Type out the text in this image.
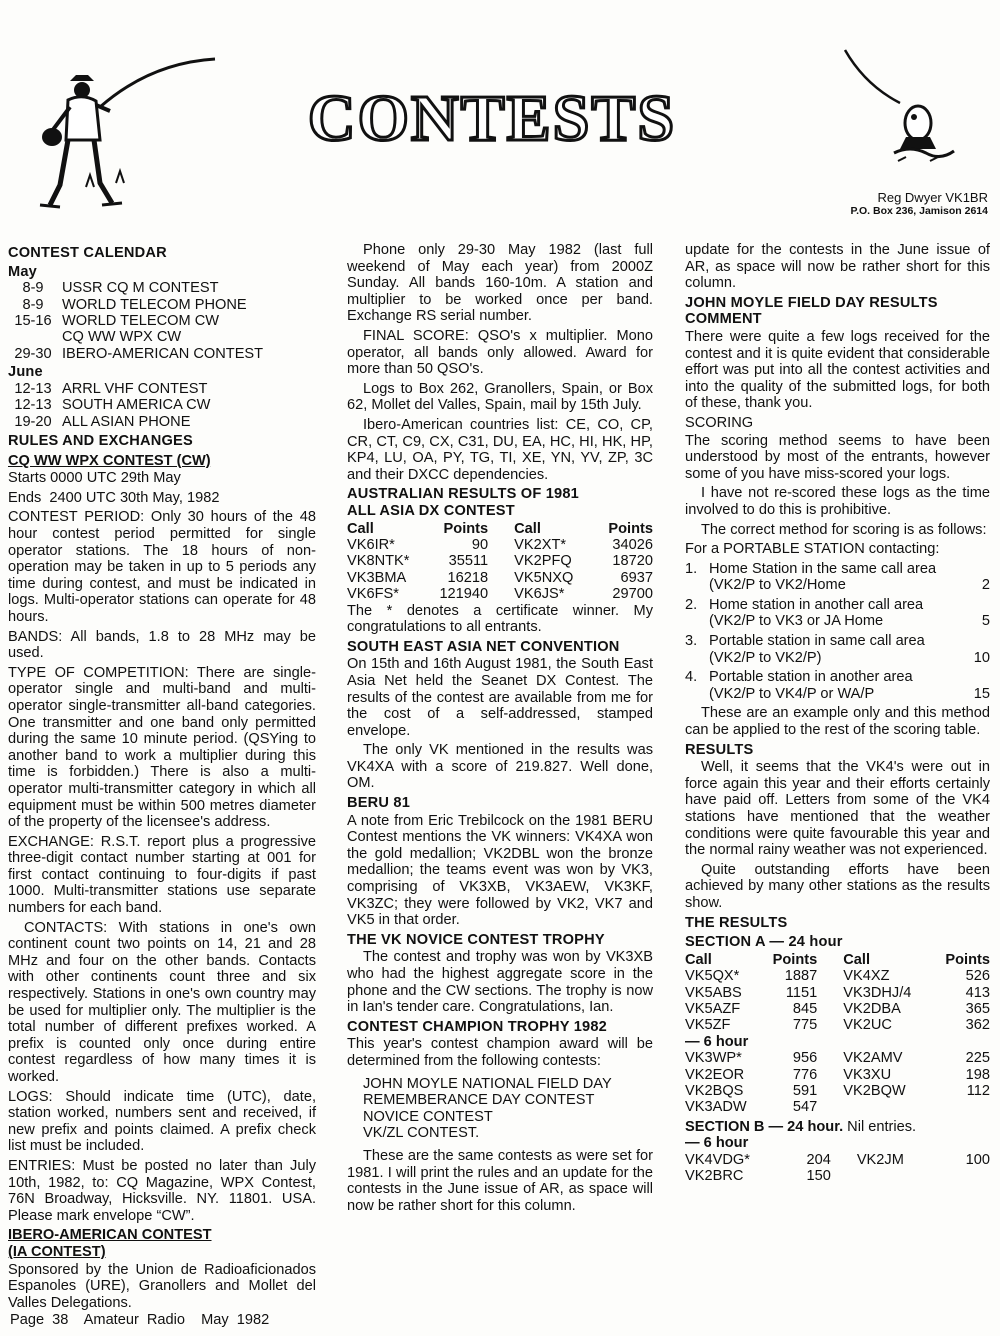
CONTESTS
Reg Dwyer VK1BR
P.O. Box 236, Jamison 2614
CONTEST CALENDAR
May
8-9	USSR CQ M CONTEST
8-9	WORLD TELECOM PHONE
15-16	WORLD TELECOM CW
	CQ WW WPX CW
29-30	IBERO-AMERICAN CONTEST
June
12-13	ARRL VHF CONTEST
12-13	SOUTH AMERICA CW
19-20	ALL ASIAN PHONE
RULES AND EXCHANGES
CQ WW WPX CONTEST (CW)

Starts 0000 UTC 29th May

Ends  2400 UTC 30th May, 1982

CONTEST PERIOD: Only 30 hours of the 48 hour contest period permitted for single operator stations. The 18 hours of non-operation may be taken in up to 5 periods any time during contest, and must be indicated in logs. Multi-operator stations can operate for 48 hours.

BANDS: All bands, 1.8 to 28 MHz may be used.

TYPE OF COMPETITION: There are single-operator single and multi-band and multi-operator single-transmitter all-band categories. One transmitter and one band only permitted during the same 10 minute period. (QSYing to another band to work a multiplier during this time is forbidden.) There is also a multi-operator multi-transmitter category in which all equipment must be within 500 metres diameter of the property of the licensee's address.

EXCHANGE: R.S.T. report plus a progressive three-digit contact number starting at 001 for first contact continuing to four-digits if past 1000. Multi-transmitter stations use separate numbers for each band.

CONTACTS: With stations in one's own continent count two points on 14, 21 and 28 MHz and four on the other bands. Contacts with other continents count three and six respectively. Stations in one's own country may be used for multiplier only. The multiplier is the total number of different prefixes worked. A prefix is counted only once during entire contest regardless of how many times it is worked.

LOGS: Should indicate time (UTC), date, station worked, numbers sent and received, if new prefix and points claimed. A prefix check list must be included.

ENTRIES: Must be posted no later than July 10th, 1982, to: CQ Magazine, WPX Contest, 76N Broadway, Hicksville. NY. 11801. USA. Please mark envelope “CW”.

IBERO-AMERICAN CONTEST
(IA CONTEST)

Sponsored by the Union de Radioaficionados Espanoles (URE), Granollers and Mollet del Valles Delegations.

Phone only 29-30 May 1982 (last full weekend of May each year) from 2000Z Sunday. All bands 160-10m. A station and multiplier to be worked once per band. Exchange RS serial number.

FINAL SCORE: QSO's x multiplier. Mono operator, all bands only allowed. Award for more than 50 QSO's.

Logs to Box 262, Granollers, Spain, or Box 62, Mollet del Valles, Spain, mail by 15th July.

Ibero-American countries list: CE, CO, CP, CR, CT, C9, CX, C31, DU, EA, HC, HI, HK, HP, KP4, LU, OA, PY, TG, TI, XE, YN, YV, ZP, 3C and their DXCC dependencies.

AUSTRALIAN RESULTS OF 1981
ALL ASIA DX CONTEST
Call	Points	Call	Points
VK6IR*	90	VK2XT*	34026
VK8NTK*	35511	VK2PFQ	18720
VK3BMA	16218	VK5NXQ	6937
VK6FS*	121940	VK6JS*	29700

The * denotes a certificate winner. My congratulations to all entrants.

SOUTH EAST ASIA NET CONVENTION

On 15th and 16th August 1981, the South East Asia Net held the Seanet DX Contest. The results of the contest are available from me for the cost of a self-addressed, stamped envelope.

The only VK mentioned in the results was VK4XA with a score of 219.827. Well done, OM.

BERU 81

A note from Eric Trebilcock on the 1981 BERU Contest mentions the VK winners: VK4XA won the gold medallion; VK2DBL won the bronze medallion; the teams event was won by VK3, comprising of VK3XB, VK3AEW, VK3KF, VK3ZC; they were followed by VK2, VK7 and VK5 in that order.

THE VK NOVICE CONTEST TROPHY

The contest and trophy was won by VK3XB who had the highest aggregate score in the phone and the CW sections. The trophy is now in Ian's tender care. Congratulations, Ian.

CONTEST CHAMPION TROPHY 1982

This year's contest champion award will be determined from the following contests:

JOHN MOYLE NATIONAL FIELD DAY
REMEMBERANCE DAY CONTEST
NOVICE CONTEST
VK/ZL CONTEST.

These are the same contests as were set for 1981. I will print the rules and an update for the contests in the June issue of AR, as space will now be rather short for this column.

update for the contests in the June issue of AR, as space will now be rather short for this column.

JOHN MOYLE FIELD DAY RESULTS
COMMENT

There were quite a few logs received for the contest and it is quite evident that considerable effort was put into all the contest activities and into the quality of the submitted logs, for both of these, thank you.

SCORING

The scoring method seems to have been understood by most of the entrants, however some of you have miss-scored your logs.

I have not re-scored these logs as the time involved to do this is prohibitive.

The correct method for scoring is as follows:

For a PORTABLE STATION contacting:

1. Home Station in the same call area
(VK2/P to VK2/Home	2
2. Home station in another call area
(VK2/P to VK3 or JA Home	5
3. Portable station in same call area
(VK2/P to VK2/P)	10
4. Portable station in another area
(VK2/P to VK4/P or WA/P	15

These are an example only and this method can be applied to the rest of the scoring table.

RESULTS

Well, it seems that the VK4's were out in force again this year and their efforts certainly have paid off. Letters from some of the VK4 stations have mentioned that the weather conditions were quite favourable this year and the normal rainy weather was not experienced.

Quite outstanding efforts have been achieved by many other stations as the results show.

THE RESULTS
SECTION A — 24 hour
Call	Points	Call	Points
VK5QX*	1887	VK4XZ	526
VK5ABS	1151	VK3DHJ/4	413
VK5AZF	845	VK2DBA	365
VK5ZF	775	VK2UC	362
— 6 hour			
VK3WP*	956	VK2AMV	225
VK2EOR	776	VK3XU	198
VK2BQS	591	VK2BQW	112
VK3ADW	547		
SECTION B — 24 hour. Nil entries.
— 6 hour			
VK4VDG*	204	VK2JM	100
VK2BRC	150		
Page 38  Amateur Radio  May 1982
